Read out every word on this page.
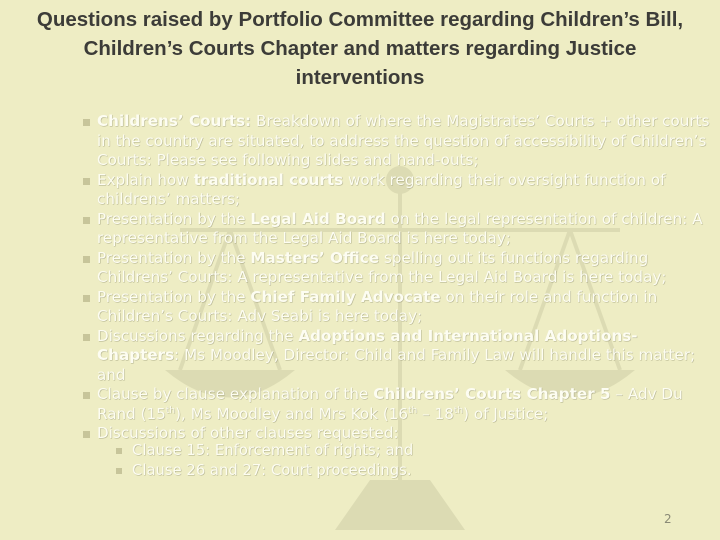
Questions raised by Portfolio Committee regarding Children’s Bill, Children’s Courts Chapter and matters regarding Justice interventions
Childrens’ Courts: Breakdown of where the Magistrates’ Courts + other courts in the country are situated, to address the question of accessibility of Children’s Courts: Please see following slides and hand-outs;
Explain how traditional courts work regarding their oversight function of childrens’ matters;
Presentation by the Legal Aid Board on the legal representation of children: A representative from the Legal Aid Board is here today;
Presentation by the Masters’ Office spelling out its functions regarding Childrens’ Courts: A representative from the Legal Aid Board is here today;
Presentation by the Chief Family Advocate on their role and function in Children’s Courts: Adv Seabi is here today;
Discussions regarding the Adoptions and International Adoptions-Chapters: Ms Moodley, Director: Child and Family Law will handle this matter; and
Clause by clause explanation of the Childrens’ Courts Chapter 5 – Adv Du Rand (15th), Ms Moodley and Mrs Kok (16th – 18th) of Justice;
Discussions of other clauses requested:
Clause 15: Enforcement of rights; and
Clause 26 and 27: Court proceedings.
2
